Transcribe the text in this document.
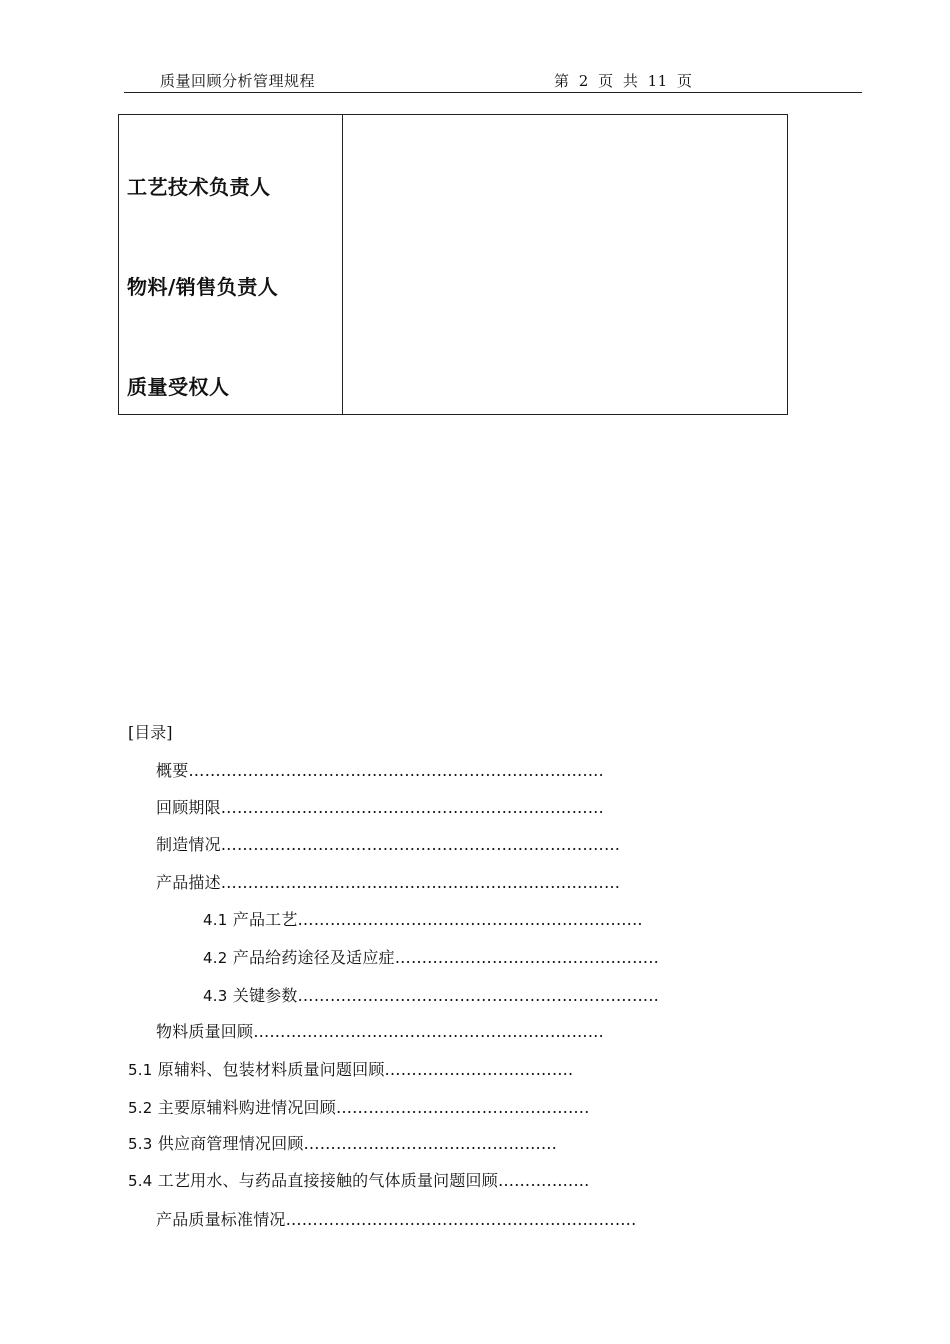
质量回顾分析管理规程	第 2 页 共 11 页
工艺技术负责人
物料/销售负责人
质量受权人
[目录]
概要……………………………….……………………………….…
回顾期限………………………………………………….…….……
制造情况………………………………………………….……….……
产品描述………………………………………………….……….……
4.1 产品工艺……………………………………….……….……..
4.2 产品给药途径及适应症………………………….……….……..
4.3 关键参数………………………………………….……….……..
物料质量回顾………………………………………….…….………
5.1 原辅料、包装材料质量问题回顾…………………….……….
5.2 主要原辅料购进情况回顾……………………………….……….
5.3 供应商管理情况回顾……………………….….……………
5.4 工艺用水、与药品直接接触的气体质量问题回顾……….….…
产品质量标准情况……………………………………………….……….
